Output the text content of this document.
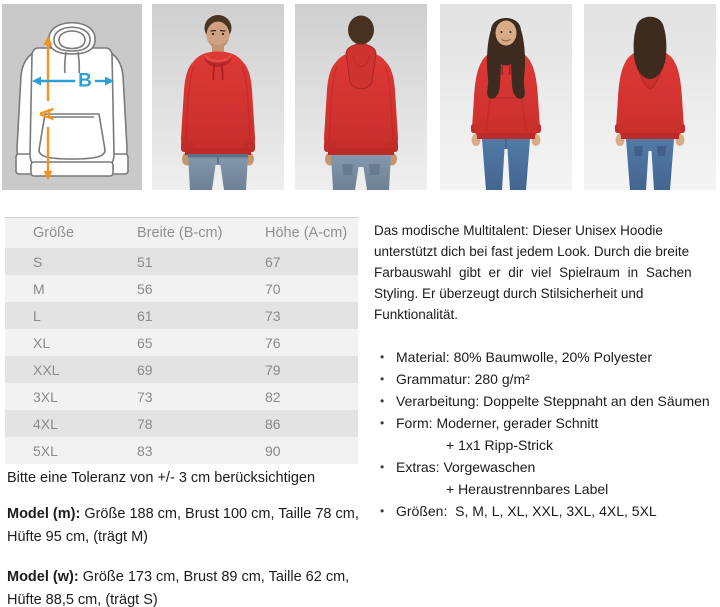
A
B
Größe	Breite (B-cm)	Höhe (A-cm)
S	51	67
M	56	70
L	61	73
XL	65	76
XXL	69	79
3XL	73	82
4XL	78	86
5XL	83	90
Das modische Multitalent: Dieser Unisex Hoodie
unterstützt dich bei fast jedem Look. Durch die breite
Farbauswahl gibt er dir viel Spielraum in Sachen
Styling. Er überzeugt durch Stilsicherheit und
Funktionalität.
• Material: 80% Baumwolle, 20% Polyester
• Grammatur: 280 g/m²
• Verarbeitung: Doppelte Steppnaht an den Säumen
• Form: Moderner, gerader Schnitt
+ 1x1 Ripp-Strick
• Extras: Vorgewaschen
+ Heraustrennbares Label
• Größen:  S, M, L, XL, XXL, 3XL, 4XL, 5XL

Bitte eine Toleranz von +/- 3 cm berücksichtigen

Model (m): Größe 188 cm, Brust 100 cm, Taille 78 cm, Hüfte 95 cm, (trägt M)

Model (w): Größe 173 cm, Brust 89 cm, Taille 62 cm, Hüfte 88,5 cm, (trägt S)
